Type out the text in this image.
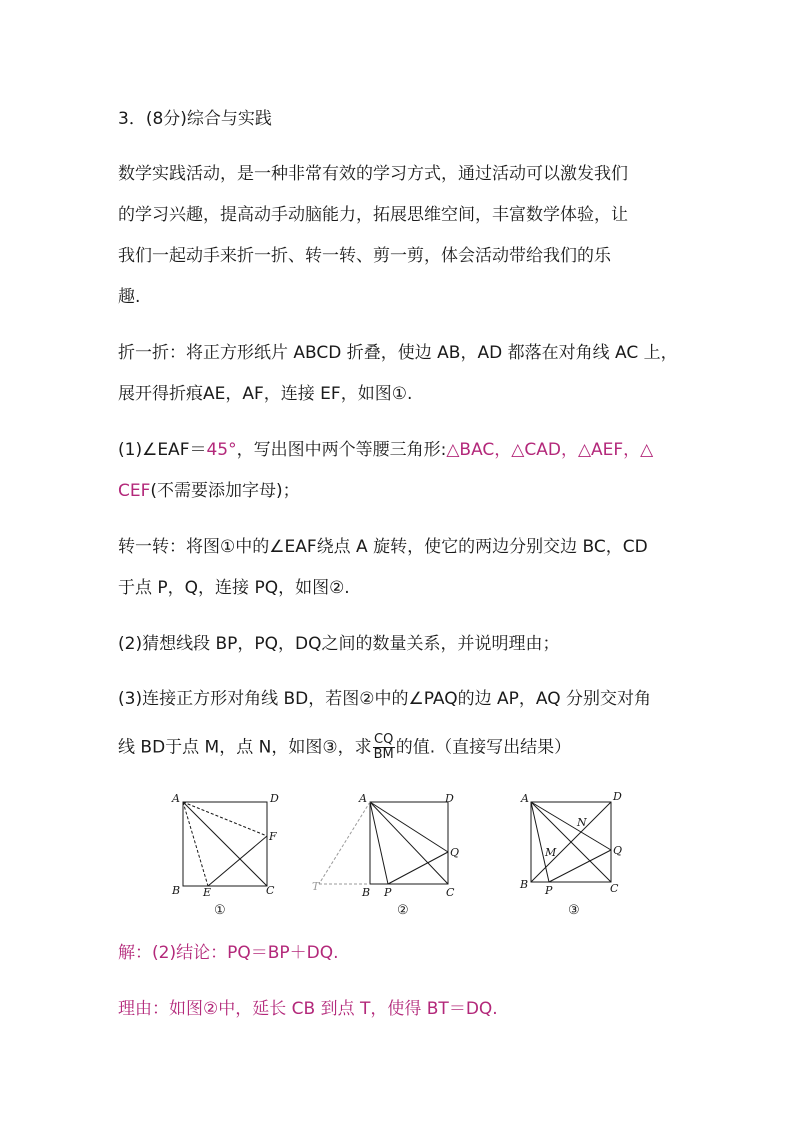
3．(8分)综合与实践
数学实践活动，是一种非常有效的学习方式，通过活动可以激发我们
的学习兴趣，提高动手动脑能力，拓展思维空间，丰富数学体验，让
我们一起动手来折一折、转一转、剪一剪，体会活动带给我们的乐
趣.
折一折：将正方形纸片 ABCD 折叠，使边 AB，AD 都落在对角线 AC 上，
展开得折痕AE，AF，连接 EF，如图①.
(1)∠EAF＝45°，写出图中两个等腰三角形:△BAC，△CAD，△AEF，△
CEF(不需要添加字母)；
转一转：将图①中的∠EAF绕点 A 旋转，使它的两边分别交边 BC，CD
于点 P，Q，连接 PQ，如图②.
(2)猜想线段 BP，PQ，DQ之间的数量关系，并说明理由；
(3)连接正方形对角线 BD，若图②中的∠PAQ的边 AP，AQ 分别交对角
线 BD于点 M，点 N，如图③，求 $\frac{CQ}{BM}$ 的值.（直接写出结果）
A	D
F
B E	C
①
A	D
Q
T	B P	C
②
A	D
N
M	Q
B P	C
③
解：(2)结论：PQ＝BP＋DQ.
理由：如图②中，延长 CB 到点 T，使得 BT＝DQ.
